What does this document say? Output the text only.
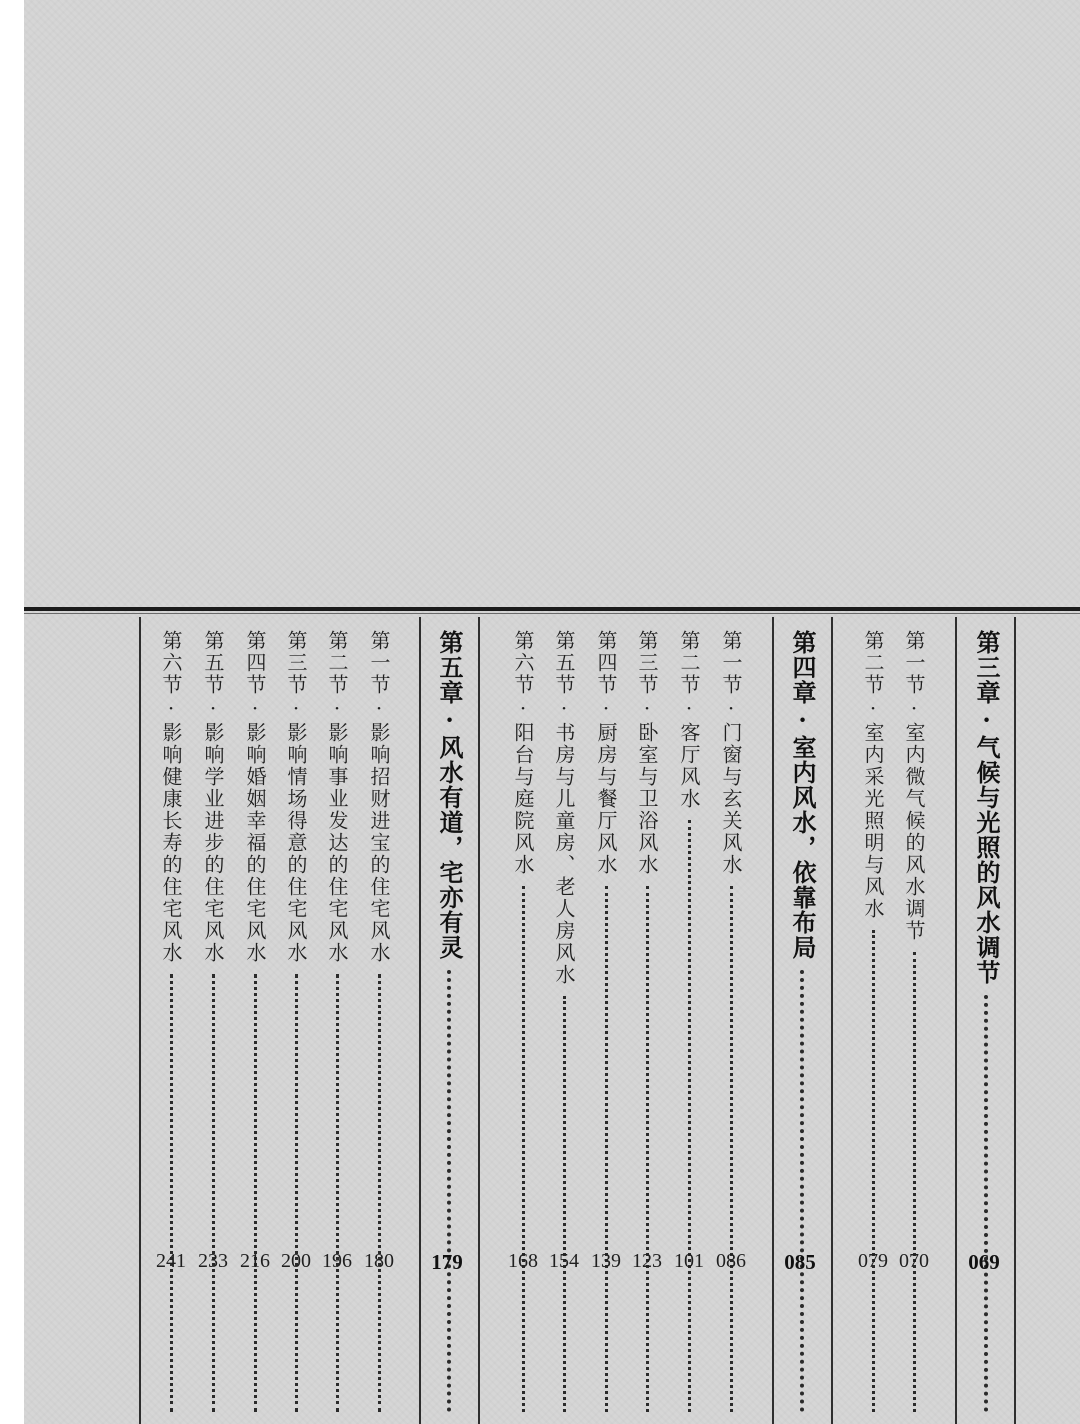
第三章·气候与光照的风水调节
069
第一节·室内微气候的风水调节
070
第二节·室内采光照明与风水
079
第四章·室内风水，依靠布局
085
第一节·门窗与玄关风水
086
第二节·客厅风水
101
第三节·卧室与卫浴风水
123
第四节·厨房与餐厅风水
139
第五节·书房与儿童房、老人房风水
154
第六节·阳台与庭院风水
168
第五章·风水有道，宅亦有灵
179
第一节·影响招财进宝的住宅风水
180
第二节·影响事业发达的住宅风水
196
第三节·影响情场得意的住宅风水
200
第四节·影响婚姻幸福的住宅风水
216
第五节·影响学业进步的住宅风水
233
第六节·影响健康长寿的住宅风水
241
